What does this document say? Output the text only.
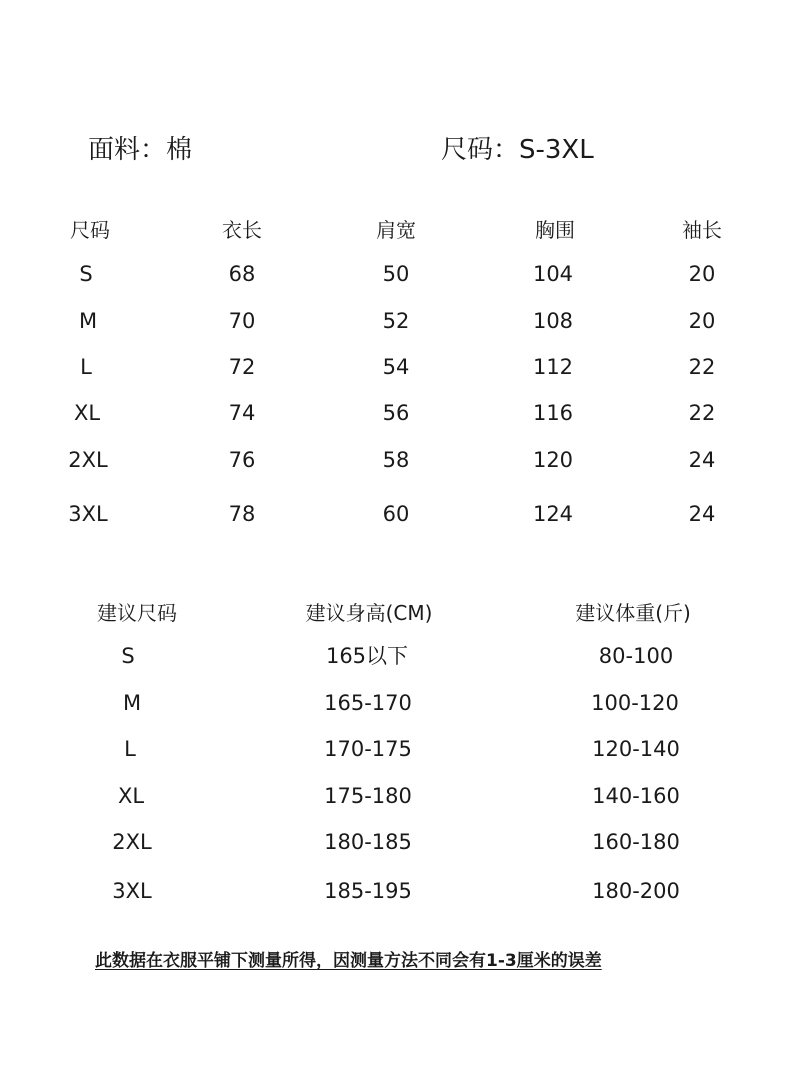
面料：棉	尺码：S-3XL
尺码	衣长	肩宽	胸围	袖长
S	68	50	104	20
M	70	52	108	20
L	72	54	112	22
XL	74	56	116	22
2XL	76	58	120	24
3XL	78	60	124	24
建议尺码	建议身高(CM)	建议体重(斤)
S	165以下	80-100
M	165-170	100-120
L	170-175	120-140
XL	175-180	140-160
2XL	180-185	160-180
3XL	185-195	180-200
此数据在衣服平铺下测量所得，因测量方法不同会有1-3厘米的误差
